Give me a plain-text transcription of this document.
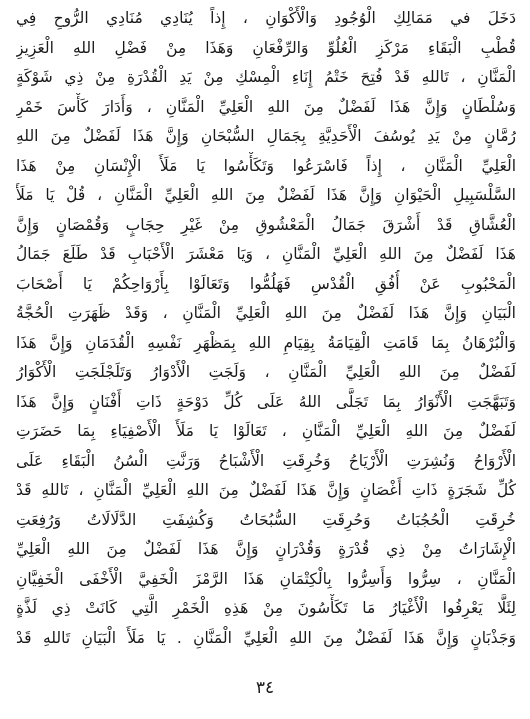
دَخَلَ في مَمَالِكِ الْوُجُودِ وَالْأَكْوَانِ ، إِذاً يُنَادِي مُنَادِي الرُّوحِ فِي
قُطْبِ الْبَقَاءِ مَرْكَزِ الْعُلُوِّ وَالرِّفْعَانِ وَهَذَا مِنْ فَضْلِ اللهِ الْعَزِيزِ
الْمَنَّانِ ، تَاللهِ قَدْ فُتِحَ خَتْمُ إِنَاءِ الْمِسْكِ مِنْ يَدِ الْقُدْرَةِ مِنْ ذِي شَوْكَةٍ
وَسُلْطَانٍ وَإِنَّ هَذَا لَفَضْلٌ مِنَ اللهِ الْعَلِيِّ الْمَنَّانِ ، وَأَدَارَ كَأْسَ خَمْرِ
رُمَّانٍ مِنْ يَدِ يُوسُفَ الْأَحَدِيَّةِ بِجَمَالِ السُّبْحَانِ وَإِنَّ هَذَا لَفَضْلٌ مِنَ اللهِ
الْعَلِيِّ الْمَنَّانِ ، إِذاً فَاسْرَعُوا وَتَكَأْسُوا يَا مَلَأَ الْإِنْسَانِ مِنْ هَذَا
السَّلْسَبِيلِ الْحَيْوَانِ وَإِنَّ هَذَا لَفَضْلٌ مِنَ اللهِ الْعَلِيِّ الْمَنَّانِ ، قُلْ يَا مَلَأَ
الْعُشَّاقِ قَدْ أَشْرَقَ جَمَالُ الْمَعْشُوقِ مِنْ غَيْرِ حِجَابٍ وَقُمْصَانٍ وَإِنَّ
هَذَا لَفَضْلٌ مِنَ اللهِ الْعَلِيِّ الْمَنَّانِ ، وَيَا مَعْشَرَ الْأَحْبَابِ قَدْ طَلَعَ جَمَالُ
الْمَحْبُوبِ عَنْ أُفُقِ الْقُدْسِ فَهَلُمُّوا وَتَعَالَوْا بِأَرْوَاحِكُمْ يَا أَصْحَابَ
الْبَيَانِ وَإِنَّ هَذَا لَفَضْلٌ مِنَ اللهِ الْعَلِيِّ الْمَنَّانِ ، وَقَدْ ظَهَرَتِ الْحُجَّةُ
وَالْبُرْهَانُ بِمَا قَامَتِ الْقِيَامَةُ بِقِيَامِ اللهِ بِمَظْهَرِ نَفْسِهِ الْقُدَمَانِ وَإِنَّ هَذَا
لَفَضْلٌ مِنَ اللهِ الْعَلِيِّ الْمَنَّانِ ، وَلَجَتِ الْأَدْوَارُ وَتَلَجْلَجَتِ الْأَكْوَارُ
وَتَبَهَّجَتِ الْأَنْوَارُ بِمَا تَجَلَّى اللهُ عَلَى كُلِّ دَوْحَةٍ ذَاتِ أَفْنَانٍ وَإِنَّ هَذَا
لَفَضْلٌ مِنَ اللهِ الْعَلِيِّ الْمَنَّانِ ، تَعَالَوْا يَا مَلَأَ الْأَصْفِيَاءِ بِمَا حَضَرَتِ
الْأَرْوَاحُ وَنُشِرَتِ الْأَرْيَاحُ وَخُرِقَتِ الْأَشْبَاحُ وَرَنَّتِ الْسُنُ الْبَقَاءِ عَلَى
كُلِّ شَجَرَةٍ ذَاتِ أَغْصَانٍ وَإِنَّ هَذَا لَفَضْلٌ مِنَ اللهِ الْعَلِيِّ الْمَنَّانِ ، تَاللهِ قَدْ
خُرِقَتِ الْحُجُبَاتُ وَحُرِقَتِ السُّبُحَاتُ وَكُشِفَتِ الدَّلَالَاتُ وَرُفِعَتِ
الْإِشَارَاتُ مِنْ ذِي قُدْرَةٍ وَقُدْرَانٍ وَإِنَّ هَذَا لَفَضْلٌ مِنَ اللهِ الْعَلِيِّ
الْمَنَّانِ ، سِرُّوا وَأَسِرُّوا بِالْكِتْمَانِ هَذَا الرَّمْزَ الْخَفِيَّ الْأَخْفَى الْخَفِيَّانِ
لِئَلَّا يَعْرِفُوا الْأَغْيَارُ مَا تَكَأْسُونَ مِنْ هَذِهِ الْخَمْرِ الَّتِي كَانَتْ ذِي لَذَّةٍ
وَجَذْبَانٍ وَإِنَّ هَذَا لَفَضْلٌ مِنَ اللهِ الْعَلِيِّ الْمَنَّانِ . يَا مَلَأَ الْبَيَانِ تَاللهِ قَدْ
٣٤
